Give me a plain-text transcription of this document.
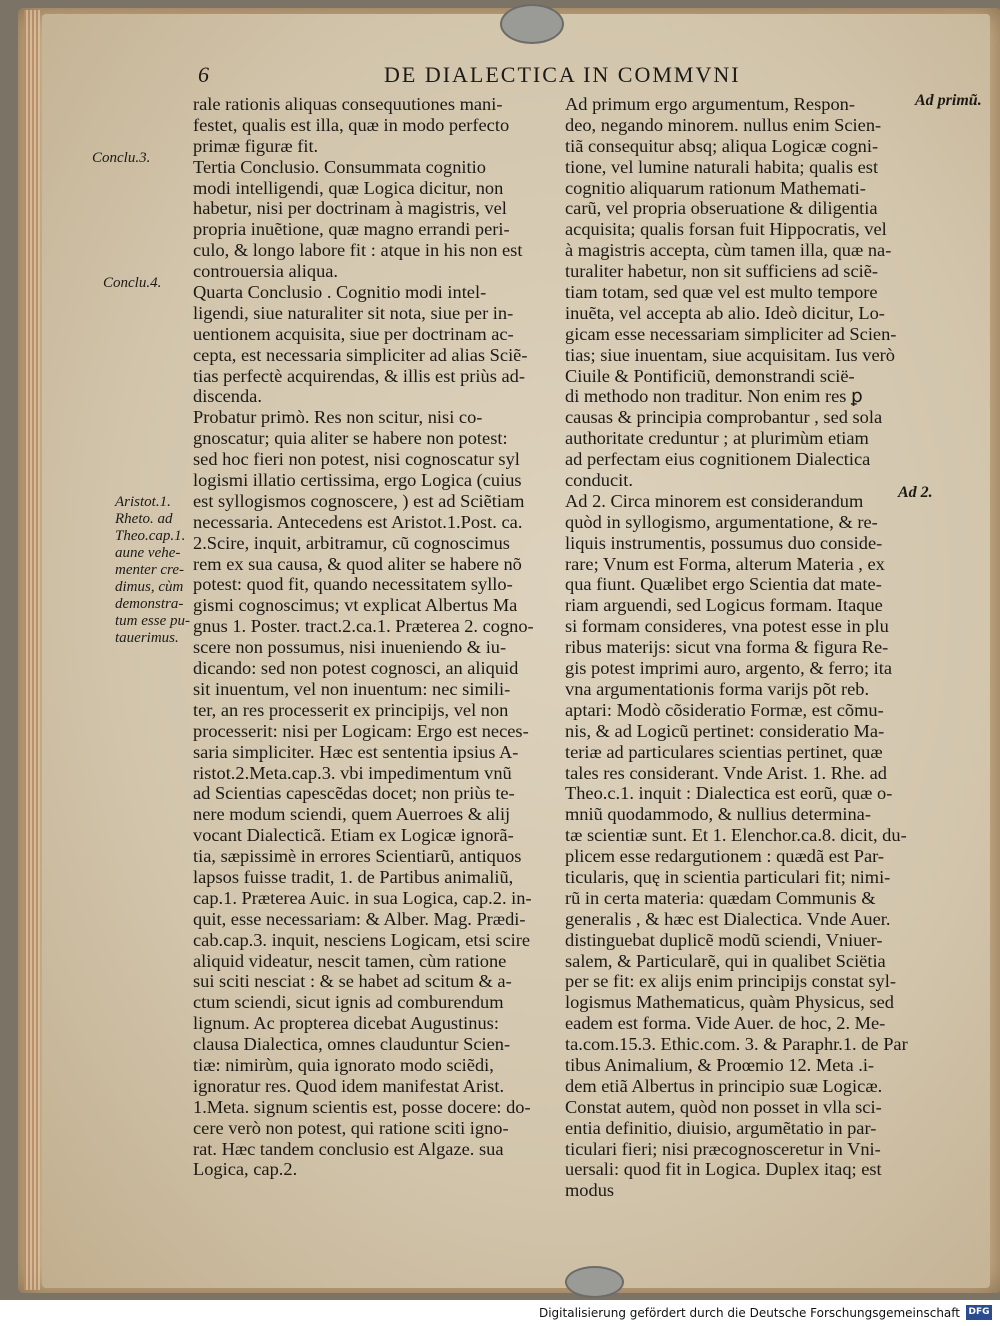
6	DE DIALECTICA IN COMMVNI
Conclu.3.
Conclu.4.
Aristot.1.
Rheto. ad
Theo.cap.1.
aune vehe-
menter cre-
dimus, cùm
demonstra-
tum esse pu-
tauerimus.
Ad primũ.
Ad 2.
rale rationis aliquas consequutiones mani-
festet, qualis est illa, quæ in modo perfecto
primæ figuræ fit.
Tertia Conclusio. Consummata cognitio
modi intelligendi, quæ Logica dicitur, non
habetur, nisi per doctrinam à magistris, vel
propria inuẽtione, quæ magno errandi peri-
culo, & longo labore fit : atque in his non est
controuersia aliqua.
Quarta Conclusio . Cognitio modi intel-
ligendi, siue naturaliter sit nota, siue per in-
uentionem acquisita, siue per doctrinam ac-
cepta, est necessaria simpliciter ad alias Sciẽ-
tias perfectè acquirendas, & illis est priùs ad-
discenda.
Probatur primò. Res non scitur, nisi co-
gnoscatur; quia aliter se habere non potest:
sed hoc fieri non potest, nisi cognoscatur syl
logismi illatio certissima, ergo Logica (cuius
est syllogismos cognoscere, ) est ad Sciẽtiam
necessaria. Antecedens est Aristot.1.Post. ca.
2.Scire, inquit, arbitramur, cũ cognoscimus
rem ex sua causa, & quod aliter se habere nõ
potest: quod fit, quando necessitatem syllo-
gismi cognoscimus; vt explicat Albertus Ma
gnus 1. Poster. tract.2.ca.1. Præterea 2. cogno-
scere non possumus, nisi inueniendo & iu-
dicando: sed non potest cognosci, an aliquid
sit inuentum, vel non inuentum: nec simili-
ter, an res processerit ex principijs, vel non
processerit: nisi per Logicam: Ergo est neces-
saria simpliciter. Hæc est sententia ipsius A-
ristot.2.Meta.cap.3. vbi impedimentum vnũ
ad Scientias capescẽdas docet; non priùs te-
nere modum sciendi, quem Auerroes & alij
vocant Dialecticã. Etiam ex Logicæ ignorã-
tia, sæpissimè in errores Scientiarũ, antiquos
lapsos fuisse tradit, 1. de Partibus animaliũ,
cap.1. Præterea Auic. in sua Logica, cap.2. in-
quit, esse necessariam: & Alber. Mag. Prædi-
cab.cap.3. inquit, nesciens Logicam, etsi scire
aliquid videatur, nescit tamen, cùm ratione
sui sciti nesciat : & se habet ad scitum & a-
ctum sciendi, sicut ignis ad comburendum
lignum. Ac propterea dicebat Augustinus:
clausa Dialectica, omnes clauduntur Scien-
tiæ: nimirùm, quia ignorato modo sciẽdi,
ignoratur res. Quod idem manifestat Arist.
1.Meta. signum scientis est, posse docere: do-
cere verò non potest, qui ratione sciti igno-
rat. Hæc tandem conclusio est Algaze. sua
Logica, cap.2.
Ad primum ergo argumentum, Respon-
deo, negando minorem. nullus enim Scien-
tiã consequitur absq; aliqua Logicæ cogni-
tione, vel lumine naturali habita; qualis est
cognitio aliquarum rationum Mathemati-
carũ, vel propria obseruatione & diligentia
acquisita; qualis forsan fuit Hippocratis, vel
à magistris accepta, cùm tamen illa, quæ na-
turaliter habetur, non sit sufficiens ad sciẽ-
tiam totam, sed quæ vel est multo tempore
inuẽta, vel accepta ab alio. Ideò dicitur, Lo-
gicam esse necessariam simpliciter ad Scien-
tias; siue inuentam, siue acquisitam. Ius verò
Ciuile & Pontificiũ, demonstrandi scië-
di methodo non traditur. Non enim res ꝑ
causas & principia comprobantur , sed sola
authoritate creduntur ; at plurimùm etiam
ad perfectam eius cognitionem Dialectica
conducit.
Ad 2. Circa minorem est considerandum
quòd in syllogismo, argumentatione, & re-
liquis instrumentis, possumus duo conside-
rare; Vnum est Forma, alterum Materia , ex
qua fiunt. Quælibet ergo Scientia dat mate-
riam arguendi, sed Logicus formam. Itaque
si formam consideres, vna potest esse in plu
ribus materijs: sicut vna forma & figura Re-
gis potest imprimi auro, argento, & ferro; ita
vna argumentationis forma varijs põt reb.
aptari: Modò cõsideratio Formæ, est cõmu-
nis, & ad Logicũ pertinet: consideratio Ma-
teriæ ad particulares scientias pertinet, quæ
tales res considerant. Vnde Arist. 1. Rhe. ad
Theo.c.1. inquit : Dialectica est eorũ, quæ o-
mniũ quodammodo, & nullius determina-
tæ scientiæ sunt. Et 1. Elenchor.ca.8. dicit, du-
plicem esse redargutionem : quædã est Par-
ticularis, quę in scientia particulari fit; nimi-
rũ in certa materia: quædam Communis &
generalis , & hæc est Dialectica. Vnde Auer.
distinguebat duplicẽ modũ sciendi, Vniuer-
salem, & Particularẽ, qui in qualibet Sciëtia
per se fit: ex alijs enim principijs constat syl-
logismus Mathematicus, quàm Physicus, sed
eadem est forma. Vide Auer. de hoc, 2. Me-
ta.com.15.3. Ethic.com. 3. & Paraphr.1. de Par
tibus Animalium, & Proœmio 12. Meta .i-
dem etiã Albertus in principio suæ Logicæ.
Constat autem, quòd non posset in vlla sci-
entia definitio, diuisio, argumẽtatio in par-
ticulari fieri; nisi præcognosceretur in Vni-
uersali: quod fit in Logica. Duplex itaq; est
modus
Digitalisierung gefördert durch die Deutsche Forschungsgemeinschaft DFG
